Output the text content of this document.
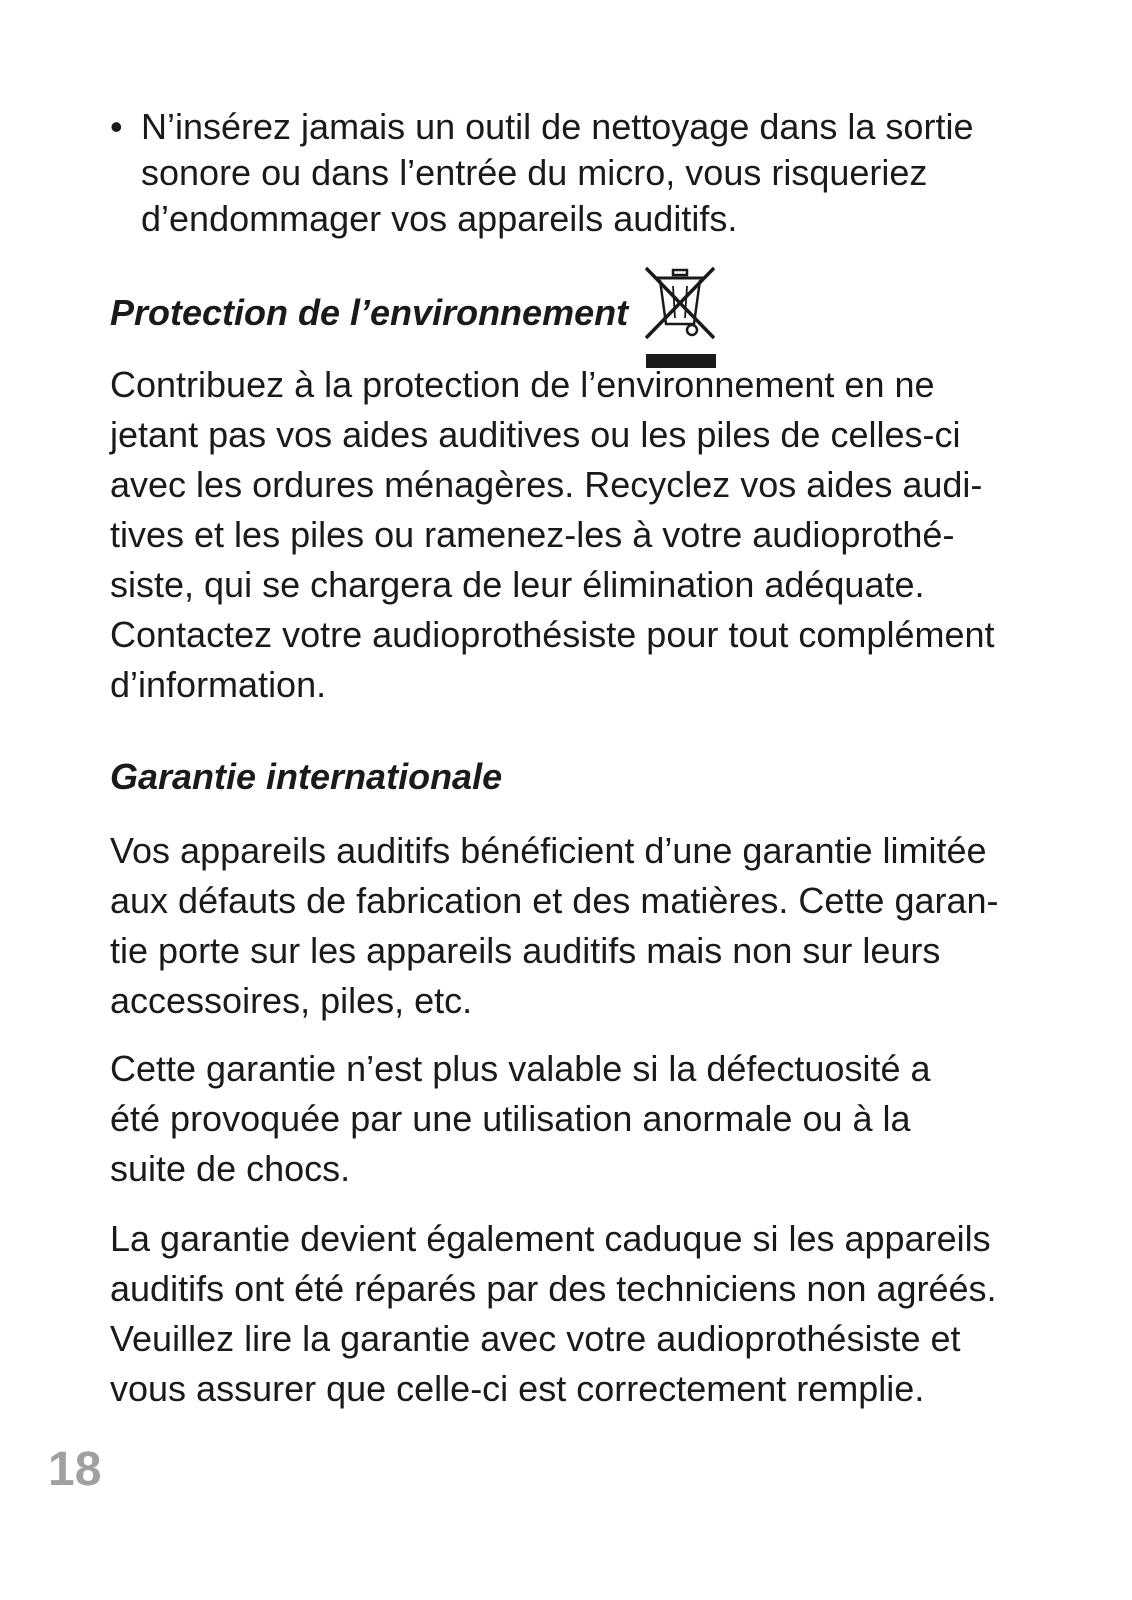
• N’insérez jamais un outil de nettoyage dans la sortie
sonore ou dans l’entrée du micro, vous risqueriez
d’endommager vos appareils auditifs.
Protection de l’environnement
Contribuez à la protection de l’environnement en ne
jetant pas vos aides auditives ou les piles de celles-ci
avec les ordures ménagères. Recyclez vos aides audi-
tives et les piles ou ramenez-les à votre audioprothé-
siste, qui se chargera de leur élimination adéquate.
Contactez votre audioprothésiste pour tout complément
d’information.
Garantie internationale
Vos appareils auditifs bénéficient d’une garantie limitée
aux défauts de fabrication et des matières. Cette garan-
tie porte sur les appareils auditifs mais non sur leurs
accessoires, piles, etc.
Cette garantie n’est plus valable si la défectuosité a
été provoquée par une utilisation anormale ou à la
suite de chocs.
La garantie devient également caduque si les appareils
auditifs ont été réparés par des techniciens non agréés.
Veuillez lire la garantie avec votre audioprothésiste et
vous assurer que celle-ci est correctement remplie.
18
